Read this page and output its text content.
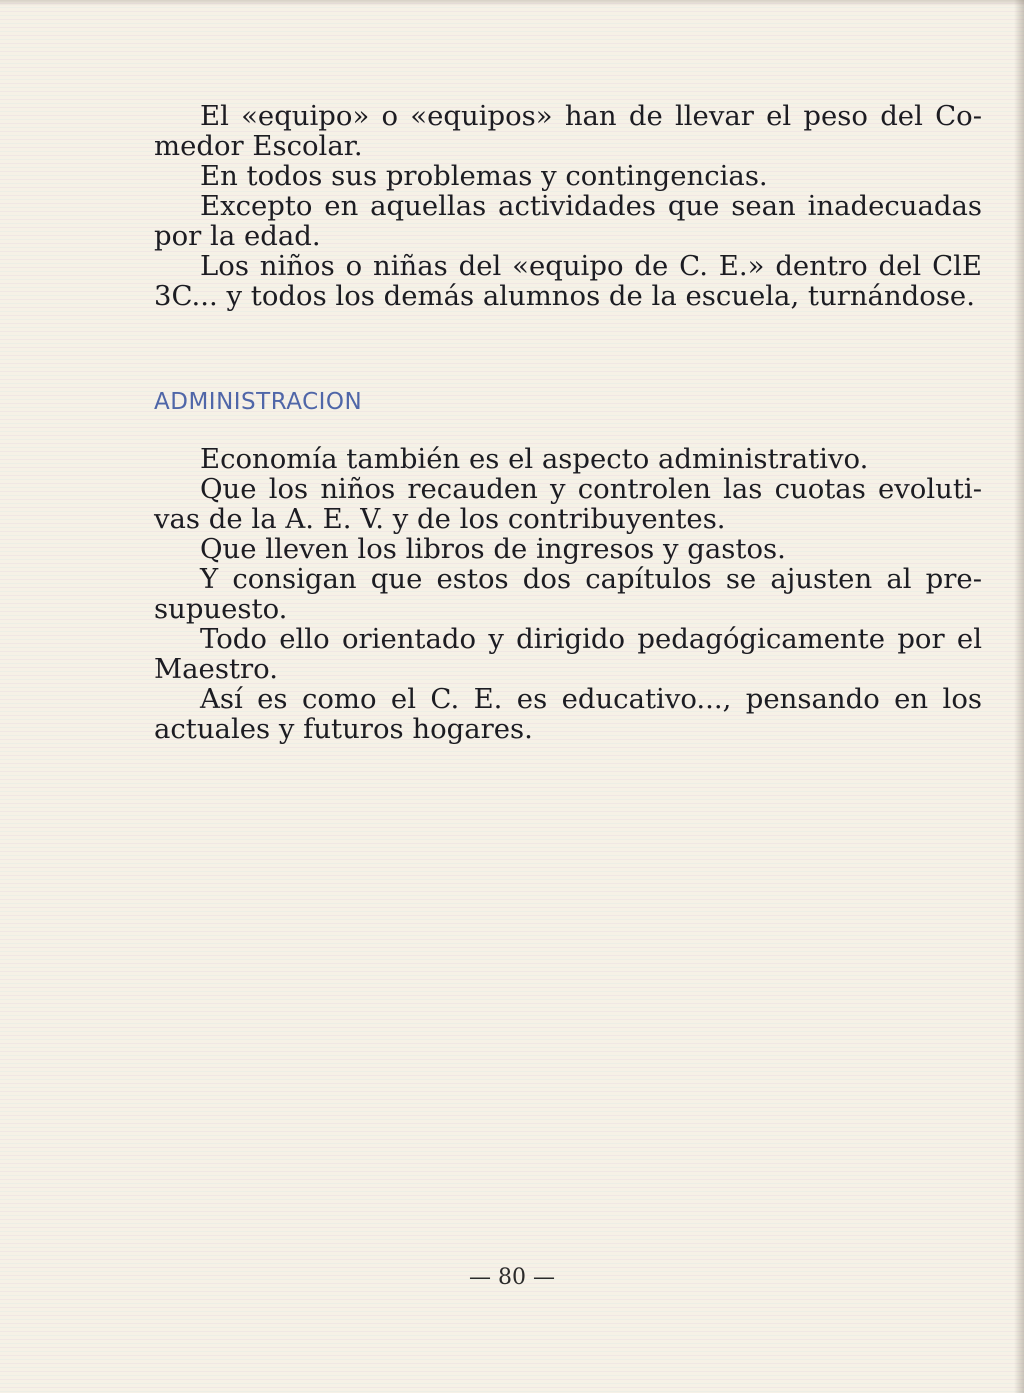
El «equipo» o «equipos» han de llevar el peso del Comedor Escolar.

En todos sus problemas y contingencias.

Excepto en aquellas actividades que sean inadecuadas por la edad.

Los niños o niñas del «equipo de C. E.» dentro del ClE 3C... y todos los demás alumnos de la escuela, turnándose.

ADMINISTRACION

Economía también es el aspecto administrativo.

Que los niños recauden y controlen las cuotas evolutivas de la A. E. V. y de los contribuyentes.

Que lleven los libros de ingresos y gastos.

Y consigan que estos dos capítulos se ajusten al presupuesto.

Todo ello orientado y dirigido pedagógicamente por el Maestro.

Así es como el C. E. es educativo..., pensando en los actuales y futuros hogares.

— 80 —
